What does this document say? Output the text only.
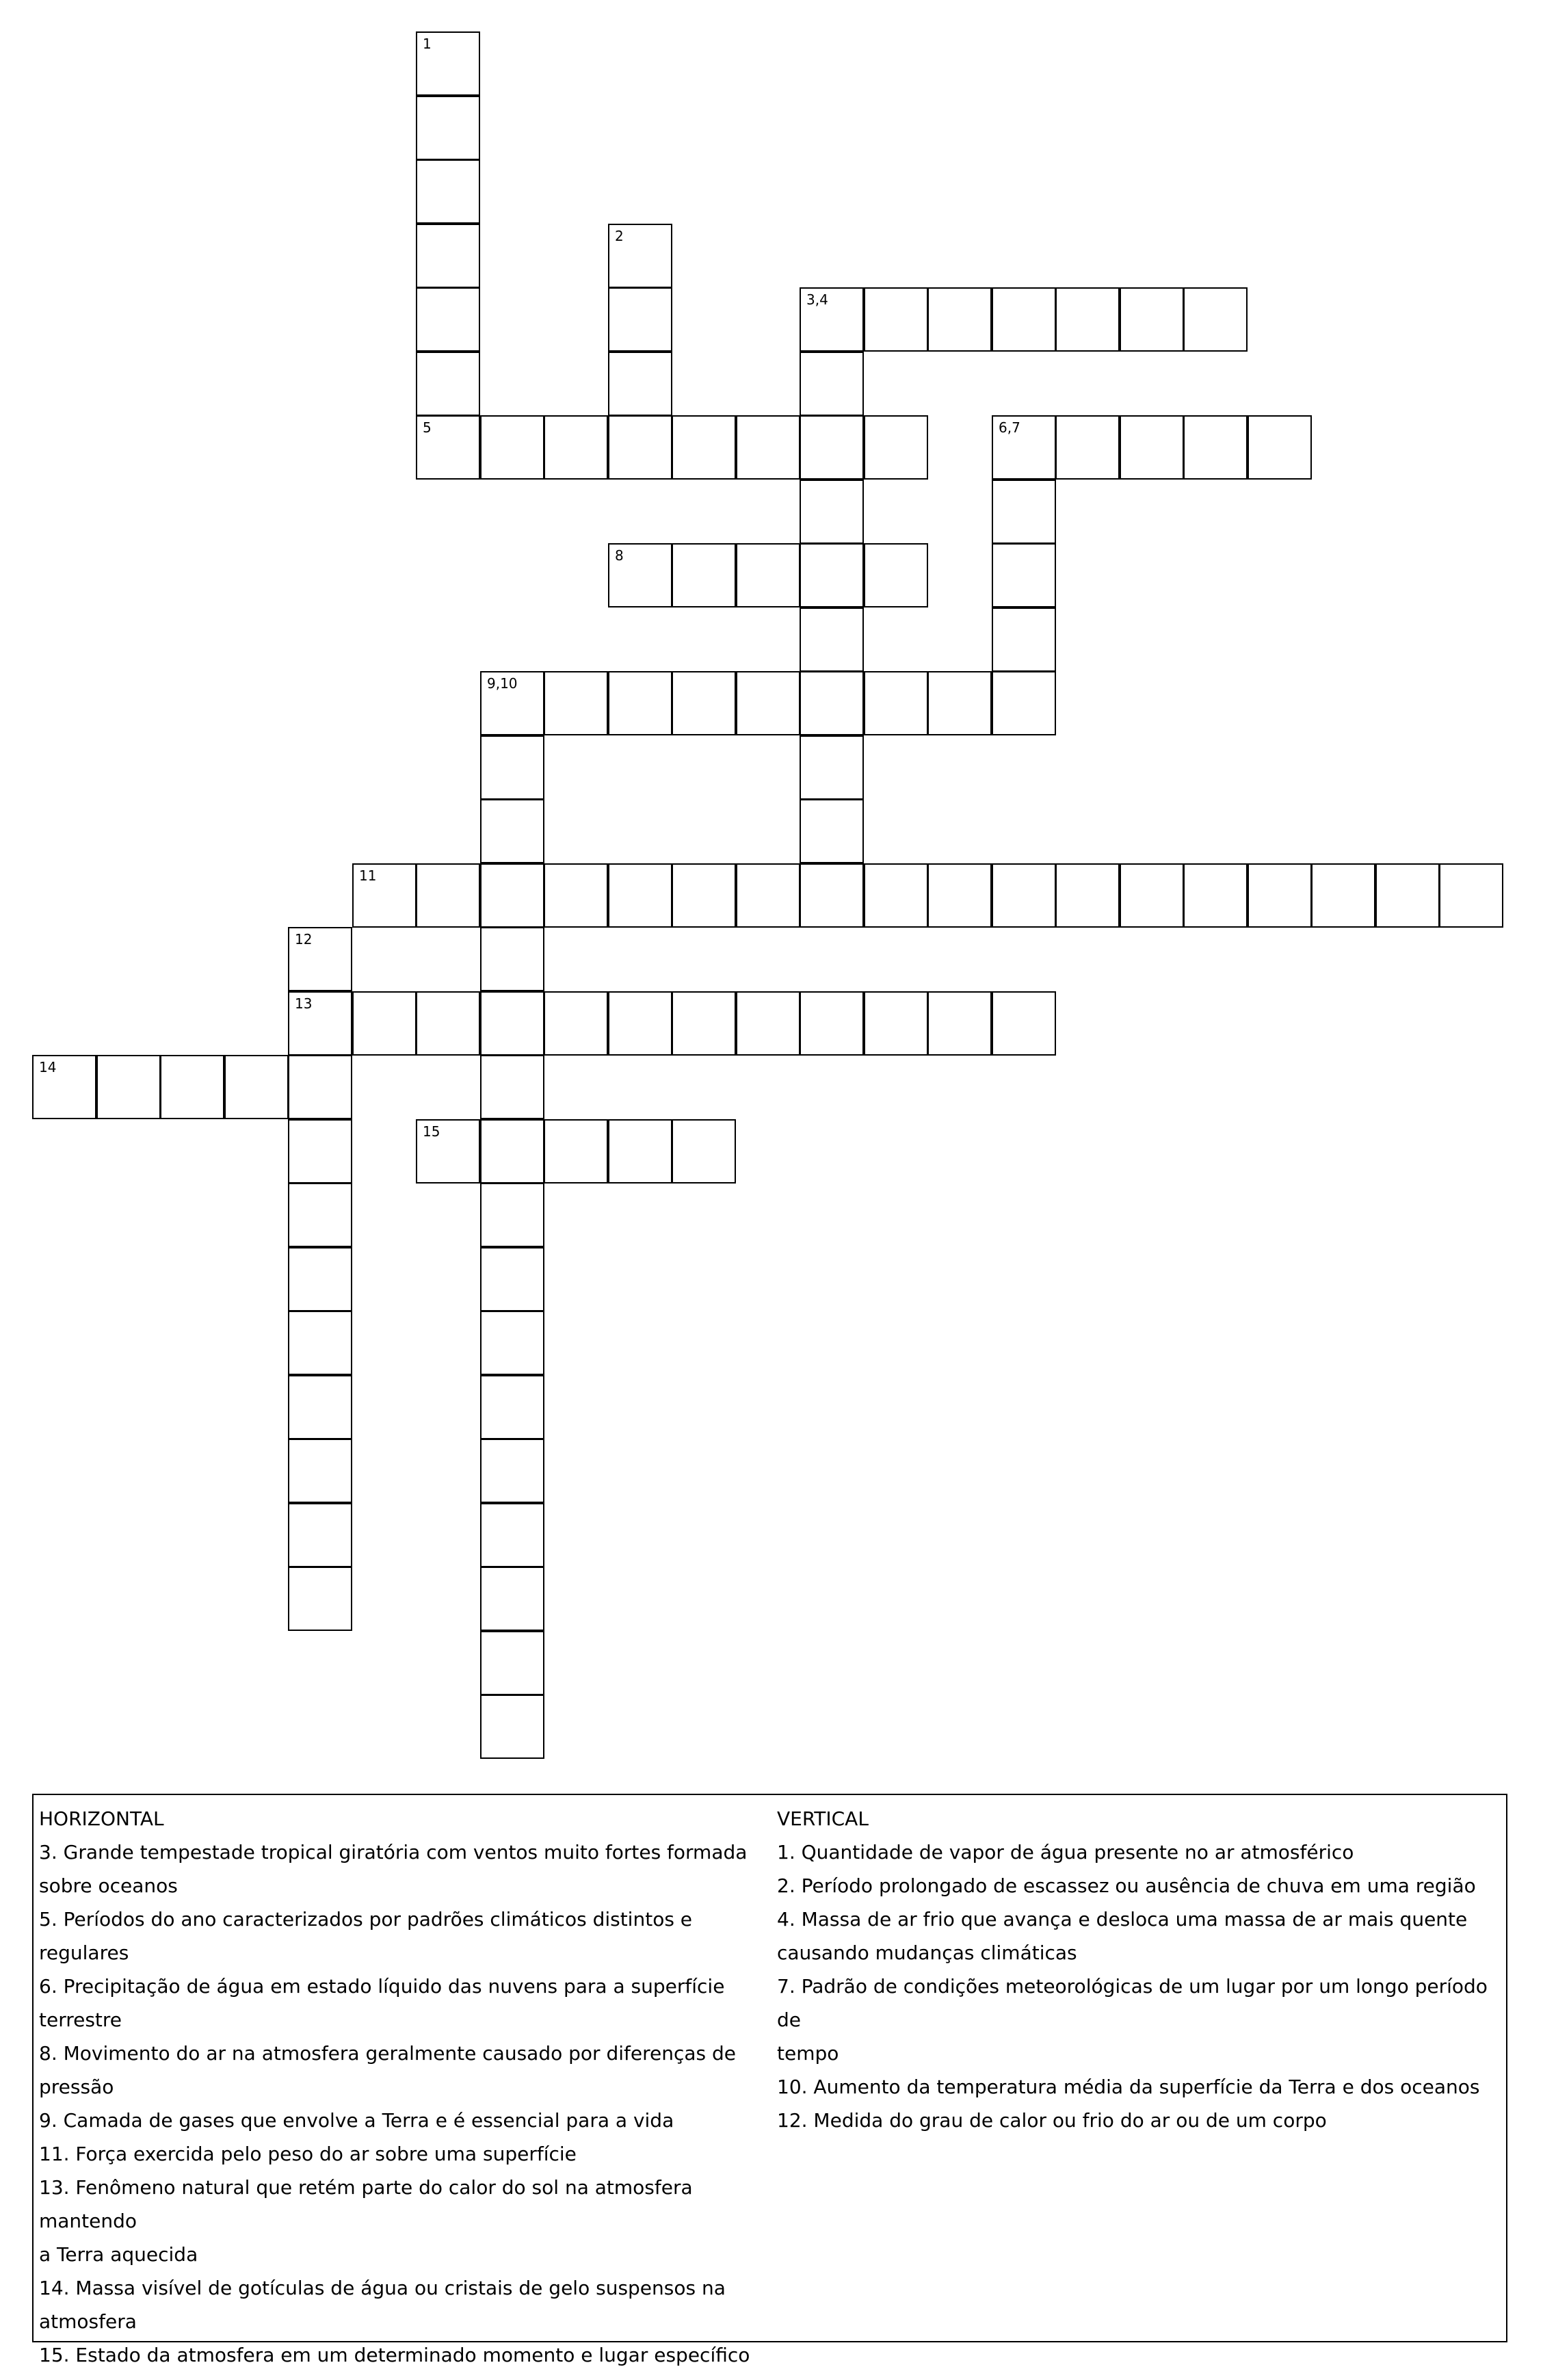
1
2
3,4
5	6,7
8
9,10
11
12
13
14
15

HORIZONTAL

3. Grande tempestade tropical giratória com ventos muito fortes formada

sobre oceanos

5. Períodos do ano caracterizados por padrões climáticos distintos e regulares

6. Precipitação de água em estado líquido das nuvens para a superfície

terrestre

8. Movimento do ar na atmosfera geralmente causado por diferenças de

pressão

9. Camada de gases que envolve a Terra e é essencial para a vida

11. Força exercida pelo peso do ar sobre uma superfície

13. Fenômeno natural que retém parte do calor do sol na atmosfera mantendo

a Terra aquecida

14. Massa visível de gotículas de água ou cristais de gelo suspensos na

atmosfera

15. Estado da atmosfera em um determinado momento e lugar específico

VERTICAL

1. Quantidade de vapor de água presente no ar atmosférico

2. Período prolongado de escassez ou ausência de chuva em uma região

4. Massa de ar frio que avança e desloca uma massa de ar mais quente

causando mudanças climáticas

7. Padrão de condições meteorológicas de um lugar por um longo período de

tempo

10. Aumento da temperatura média da superfície da Terra e dos oceanos

12. Medida do grau de calor ou frio do ar ou de um corpo
